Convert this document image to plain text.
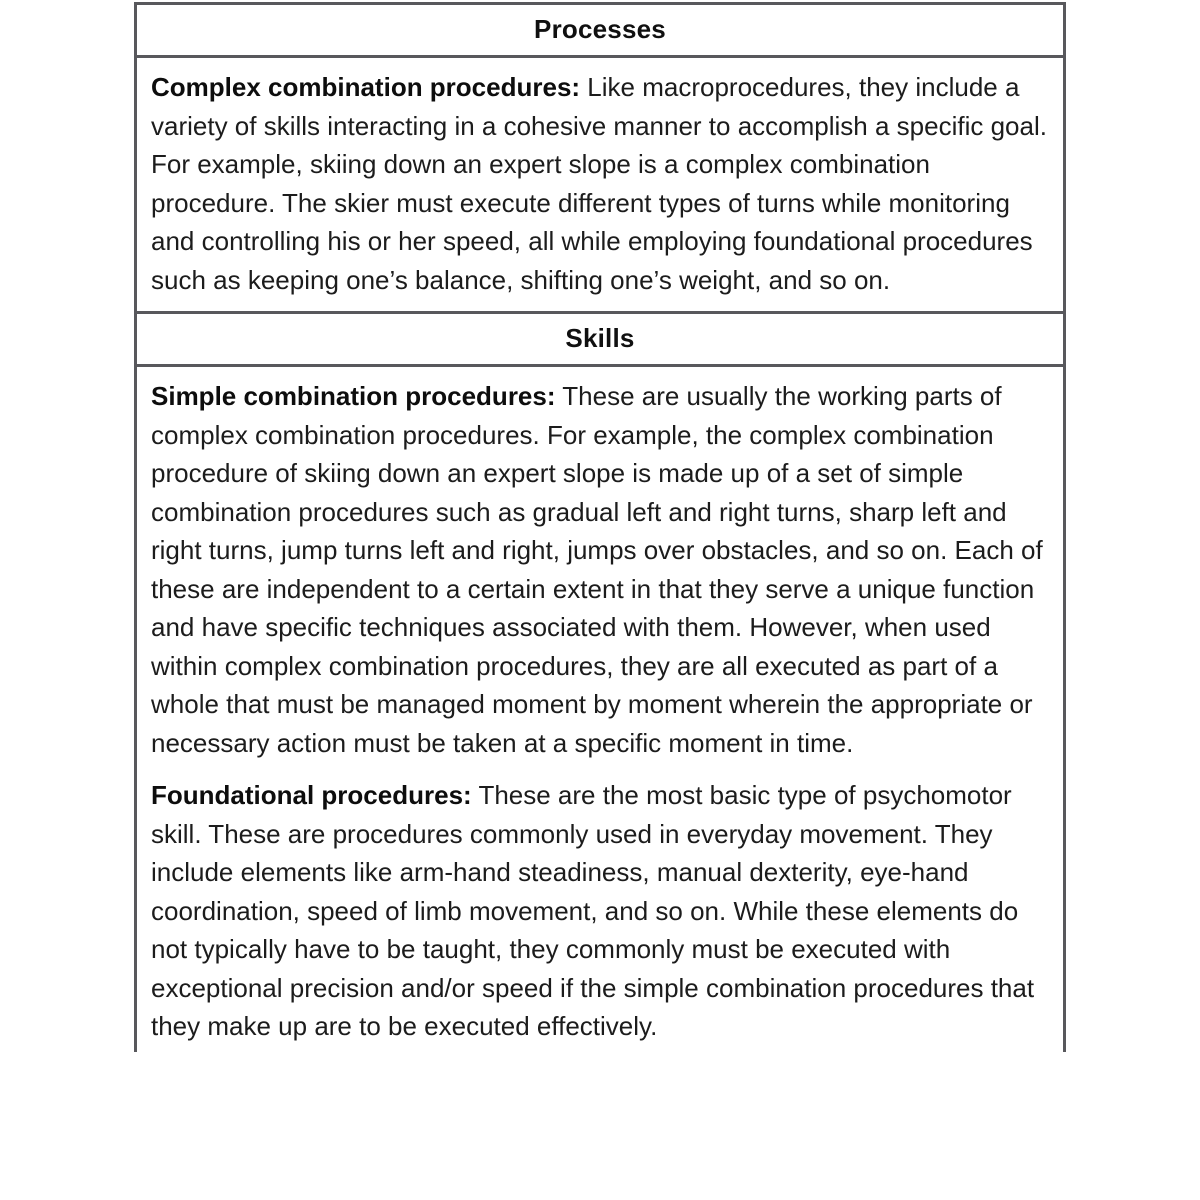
Processes

Complex combination procedures: Like macroprocedures, they include a variety of skills interacting in a cohesive manner to accomplish a specific goal. For example, skiing down an expert slope is a complex combination procedure. The skier must execute different types of turns while monitoring and controlling his or her speed, all while employing foundational procedures such as keeping one’s balance, shifting one’s weight, and so on.

Skills

Simple combination procedures: These are usually the working parts of complex combination procedures. For example, the complex combination procedure of skiing down an expert slope is made up of a set of simple combination procedures such as gradual left and right turns, sharp left and right turns, jump turns left and right, jumps over obstacles, and so on. Each of these are independent to a certain extent in that they serve a unique function and have specific techniques associated with them. However, when used within complex combination procedures, they are all executed as part of a whole that must be managed moment by moment wherein the appropriate or necessary action must be taken at a specific moment in time.

Foundational procedures: These are the most basic type of psychomotor skill. These are procedures commonly used in everyday movement. They include elements like arm-hand steadiness, manual dexterity, eye-hand coordination, speed of limb movement, and so on. While these elements do not typically have to be taught, they commonly must be executed with exceptional precision and/or speed if the simple combination procedures that they make up are to be executed effectively.
